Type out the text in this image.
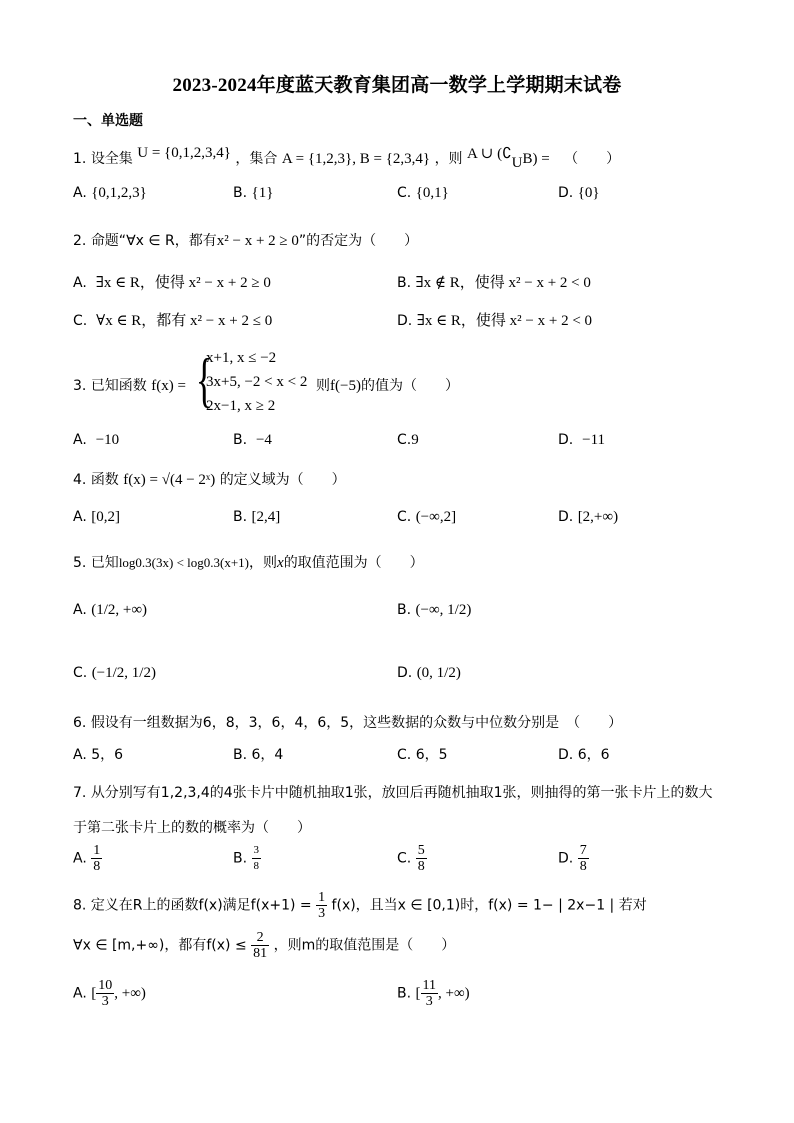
2023-2024年度蓝天教育集团高一数学上学期期末试卷
一、单选题
1. 设全集 U = {0,1,2,3,4} ，集合 A = {1,2,3}, B = {2,3,4} ，则 A ∪ $(∁_UB)$ = （　　）
A. {0,1,2,3}	B. {1}	C. {0,1}	D. {0}
2. 命题“∀x ∈ R，都有x² − x + 2 ≥ 0”的否定为（　　）
A. ∃x ∈ R，使得 x² − x + 2 ≥ 0	B. ∃x ∉ R，使得 x² − x + 2 < 0
C. ∀x ∈ R，都有 x² − x + 2 ≤ 0	D. ∃x ∈ R，使得 x² − x + 2 < 0
3. 已知函数 f(x) = {
x+1, x ≤ −2
3x+5, −2 < x < 2
2x−1, x ≥ 2
则f(−5)的值为（　　）
A. −10	B. −4	C.9	D. −11
4. 函数 f(x) = √(4 − 2ˣ) 的定义域为（　　）
A. [0,2]	B. [2,4]	C. (−∞,2]	D. [2,+∞)
5. 已知log0.3(3x) < log0.3(x+1)，则x的取值范围为（　　）
A. (1/2, +∞)	B. (−∞, 1/2)
C. (−1/2, 1/2)	D. (0, 1/2)
6. 假设有一组数据为6，8，3，6，4，6，5，这些数据的众数与中位数分别是　（　　）
A. 5，6	B. 6，4	C. 6，5	D. 6，6
7. 从分别写有1,2,3,4的4张卡片中随机抽取1张，放回后再随机抽取1张，则抽得的第一张卡片上的数大
于第二张卡片上的数的概率为（　　）
A. $\frac{1}{8}$	B. $\frac{3}{8}$	C. $\frac{5}{8}$	D. $\frac{7}{8}$
8. 定义在R上的函数f(x)满足$f(x+1) = \frac{1}{3} f(x)$，且当x ∈ [0,1)时，f(x) = 1− | 2x−1 | 若对
∀x ∈ [m,+∞)，都有$f(x) \le \frac{2}{81}$ ，则m的取值范围是（　　）
A. [ $\frac{10}{3}$ , +∞)	B. [ $\frac{11}{3}$ , +∞)
